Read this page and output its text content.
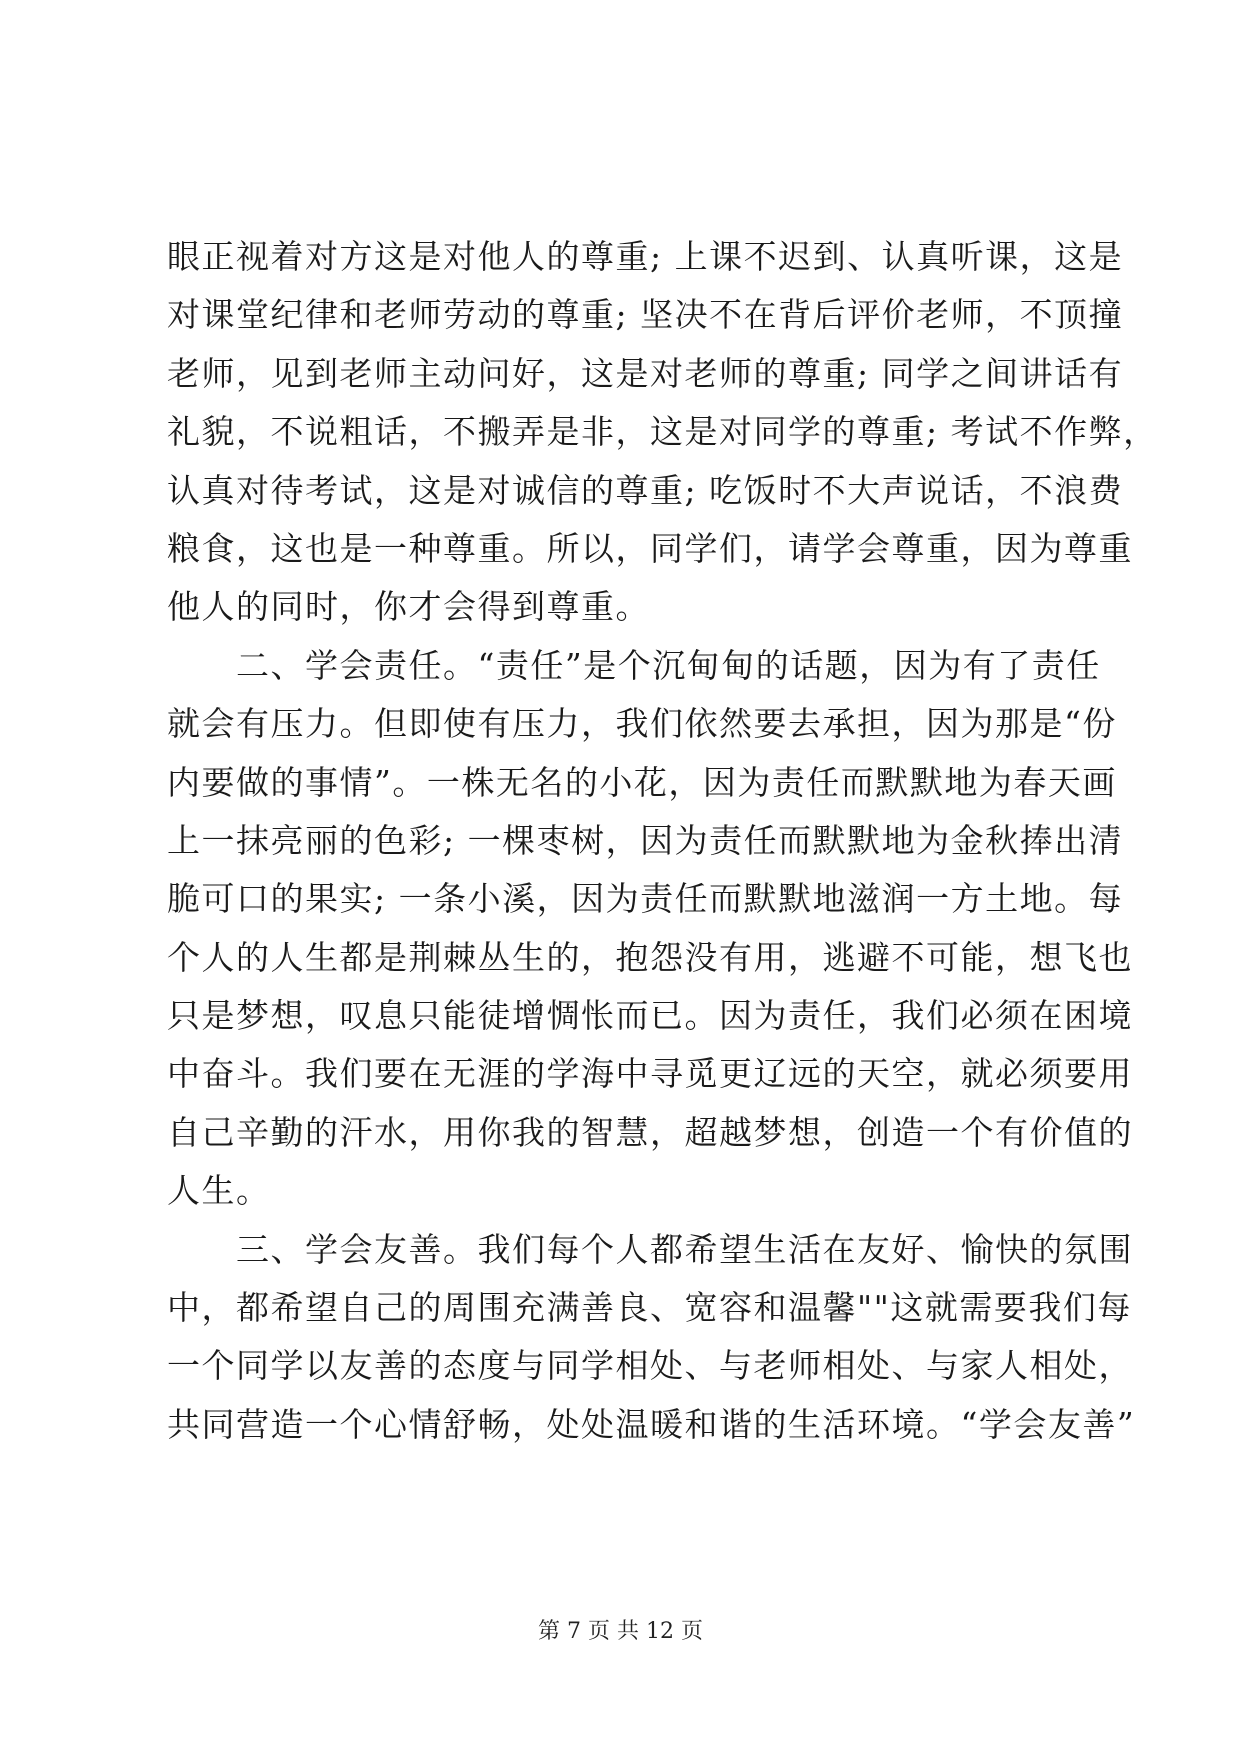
眼正视着对方这是对他人的尊重; 上课不迟到、认真听课，这是
对课堂纪律和老师劳动的尊重; 坚决不在背后评价老师，不顶撞
老师，见到老师主动问好，这是对老师的尊重; 同学之间讲话有
礼貌，不说粗话，不搬弄是非，这是对同学的尊重; 考试不作弊，
认真对待考试，这是对诚信的尊重; 吃饭时不大声说话，不浪费
粮食，这也是一种尊重。所以，同学们，请学会尊重，因为尊重
他人的同时，你才会得到尊重。
　　二、学会责任。“责任”是个沉甸甸的话题，因为有了责任
就会有压力。但即使有压力，我们依然要去承担，因为那是“份
内要做的事情”。一株无名的小花，因为责任而默默地为春天画
上一抹亮丽的色彩; 一棵枣树，因为责任而默默地为金秋捧出清
脆可口的果实; 一条小溪，因为责任而默默地滋润一方土地。每
个人的人生都是荆棘丛生的，抱怨没有用，逃避不可能，想飞也
只是梦想，叹息只能徒增惆怅而已。因为责任，我们必须在困境
中奋斗。我们要在无涯的学海中寻觅更辽远的天空，就必须要用
自己辛勤的汗水，用你我的智慧，超越梦想，创造一个有价值的
人生。
　　三、学会友善。我们每个人都希望生活在友好、愉快的氛围
中，都希望自己的周围充满善良、宽容和温馨""这就需要我们每
一个同学以友善的态度与同学相处、与老师相处、与家人相处，
共同营造一个心情舒畅，处处温暖和谐的生活环境。“学会友善”
第 7 页 共 12 页
